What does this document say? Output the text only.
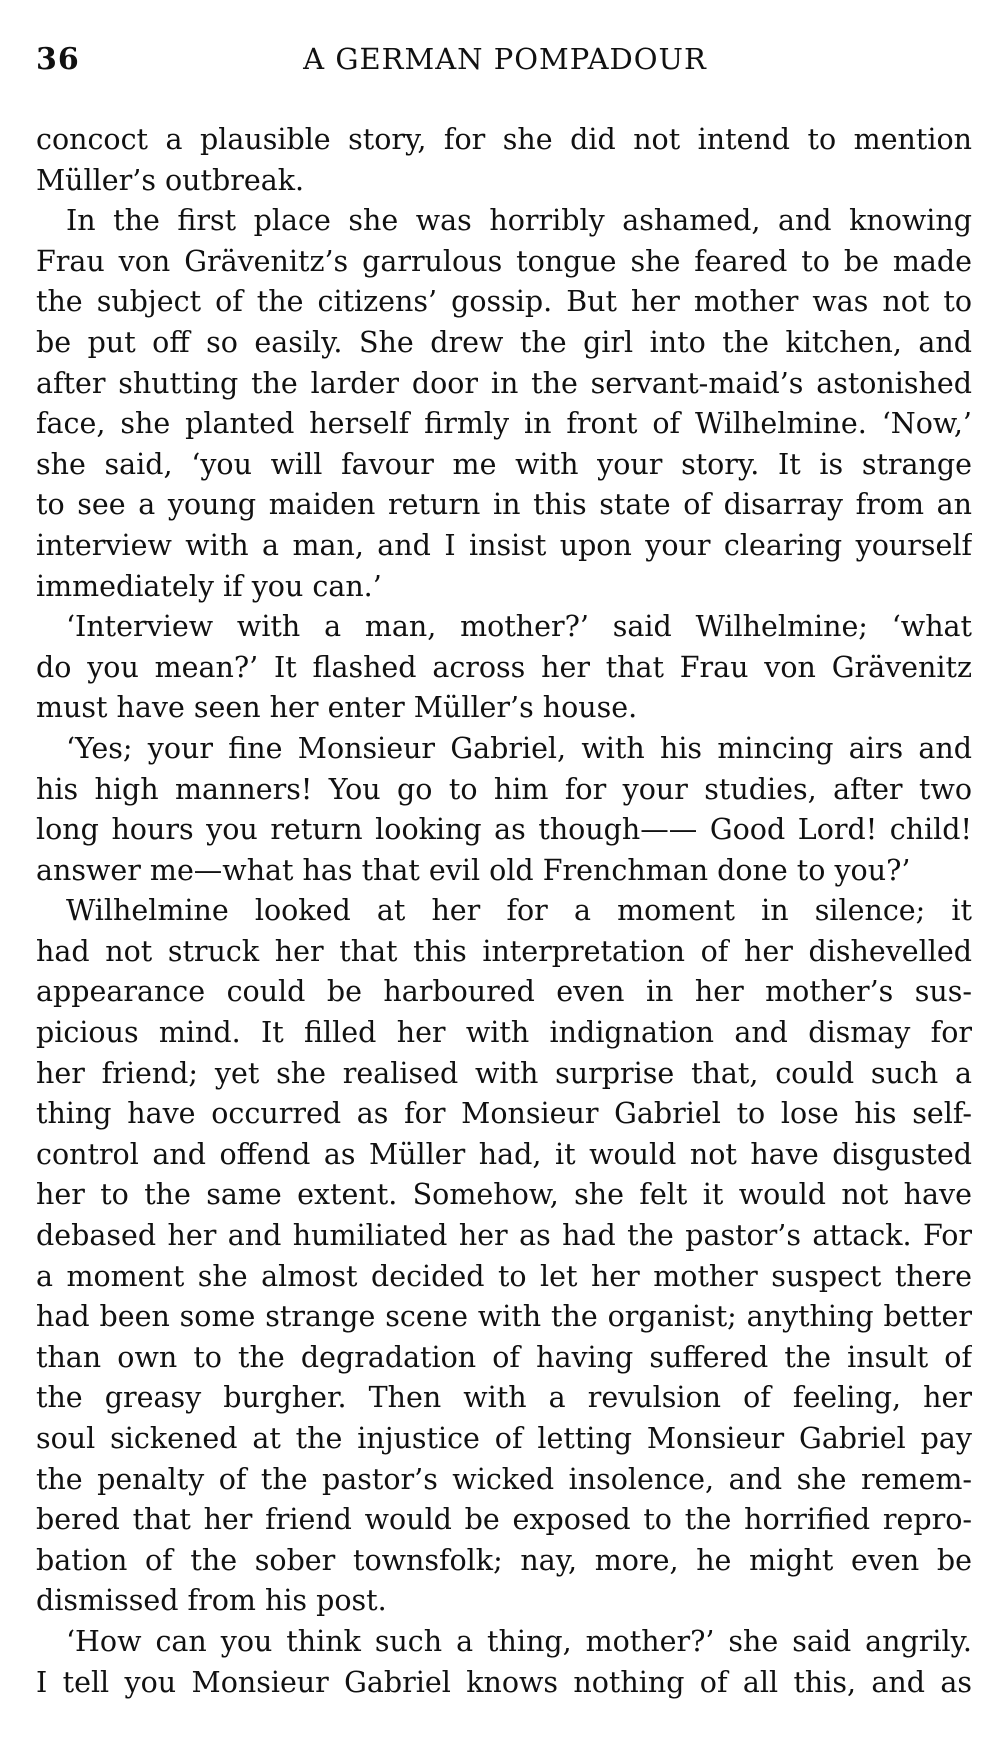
36	A GERMAN POMPADOUR
concoct a plausible story, for she did not intend to mention
Müller’s outbreak.
In the first place she was horribly ashamed, and knowing
Frau von Grävenitz’s garrulous tongue she feared to be made
the subject of the citizens’ gossip. But her mother was not to
be put off so easily. She drew the girl into the kitchen, and
after shutting the larder door in the servant-maid’s astonished
face, she planted herself firmly in front of Wilhelmine. ‘Now,’
she said, ‘you will favour me with your story. It is strange
to see a young maiden return in this state of disarray from an
interview with a man, and I insist upon your clearing yourself
immediately if you can.’
‘Interview with a man, mother?’ said Wilhelmine; ‘what
do you mean?’ It flashed across her that Frau von Grävenitz
must have seen her enter Müller’s house.
‘Yes; your fine Monsieur Gabriel, with his mincing airs and
his high manners! You go to him for your studies, after two
long hours you return looking as though—— Good Lord! child!
answer me—what has that evil old Frenchman done to you?’
Wilhelmine looked at her for a moment in silence; it
had not struck her that this interpretation of her dishevelled
appearance could be harboured even in her mother’s sus-
picious mind. It filled her with indignation and dismay for
her friend; yet she realised with surprise that, could such a
thing have occurred as for Monsieur Gabriel to lose his self-
control and offend as Müller had, it would not have disgusted
her to the same extent. Somehow, she felt it would not have
debased her and humiliated her as had the pastor’s attack. For
a moment she almost decided to let her mother suspect there
had been some strange scene with the organist; anything better
than own to the degradation of having suffered the insult of
the greasy burgher. Then with a revulsion of feeling, her
soul sickened at the injustice of letting Monsieur Gabriel pay
the penalty of the pastor’s wicked insolence, and she remem-
bered that her friend would be exposed to the horrified repro-
bation of the sober townsfolk; nay, more, he might even be
dismissed from his post.
‘How can you think such a thing, mother?’ she said angrily.
I tell you Monsieur Gabriel knows nothing of all this, and as
